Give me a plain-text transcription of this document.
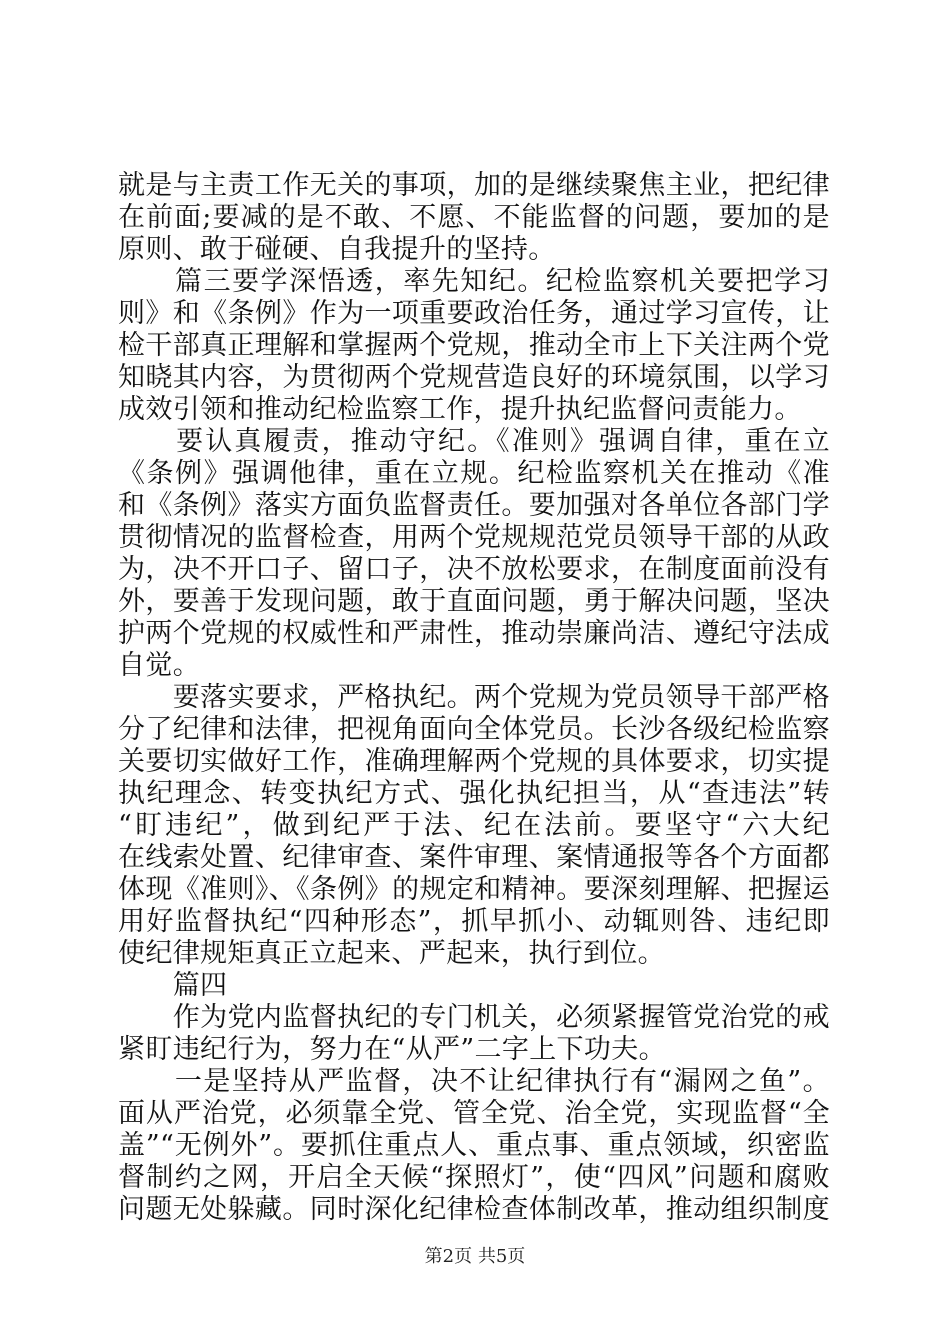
就是与主责工作无关的事项，加的是继续聚焦主业，把纪律
在前面;要减的是不敢、不愿、不能监督的问题，要加的是
原则、敢于碰硬、自我提升的坚持。
　　篇三要学深悟透，率先知纪。纪检监察机关要把学习
则》和《条例》作为一项重要政治任务，通过学习宣传，让
检干部真正理解和掌握两个党规，推动全市上下关注两个党
知晓其内容，为贯彻两个党规营造良好的环境氛围，以学习
成效引领和推动纪检监察工作，提升执纪监督问责能力。
　　要认真履责，推动守纪。《准则》强调自律，重在立
《条例》强调他律，重在立规。纪检监察机关在推动《准
和《条例》落实方面负监督责任。要加强对各单位各部门学
贯彻情况的监督检查，用两个党规规范党员领导干部的从政
为，决不开口子、留口子，决不放松要求，在制度面前没有
外，要善于发现问题，敢于直面问题，勇于解决问题，坚决
护两个党规的权威性和严肃性，推动崇廉尚洁、遵纪守法成
自觉。
　　要落实要求，严格执纪。两个党规为党员领导干部严格
分了纪律和法律，把视角面向全体党员。长沙各级纪检监察
关要切实做好工作，准确理解两个党规的具体要求，切实提
执纪理念、转变执纪方式、强化执纪担当，从“查违法”转
“盯违纪”，做到纪严于法、纪在法前。要坚守“六大纪
在线索处置、纪律审查、案件审理、案情通报等各个方面都
体现《准则》、《条例》的规定和精神。要深刻理解、把握运
用好监督执纪“四种形态”，抓早抓小、动辄则咎、违纪即
使纪律规矩真正立起来、严起来，执行到位。
　　篇四
　　作为党内监督执纪的专门机关，必须紧握管党治党的戒
紧盯违纪行为，努力在“从严”二字上下功夫。
　　一是坚持从严监督，决不让纪律执行有“漏网之鱼”。
面从严治党，必须靠全党、管全党、治全党，实现监督“全
盖”“无例外”。要抓住重点人、重点事、重点领域，织密监
督制约之网，开启全天候“探照灯”，使“四风”问题和腐败
问题无处躲藏。同时深化纪律检查体制改革，推动组织制度
第2页 共5页
